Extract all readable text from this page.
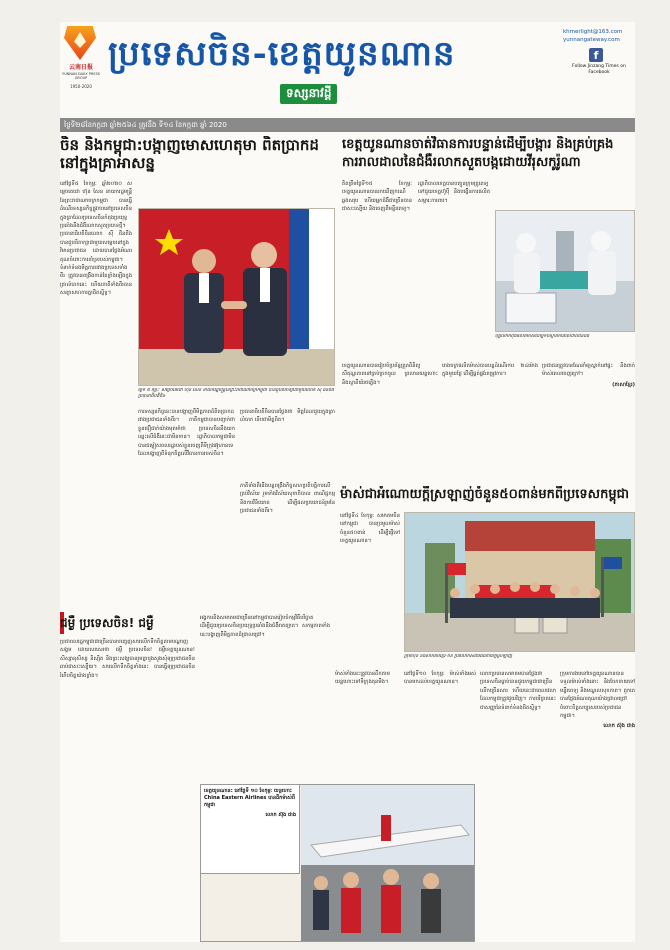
云南日报
YUNNAN DAILY PRESS GROUP
1950-2020
ប្រទេសចិន-ខេត្តយូនណាន
ទស្សនាវដ្ដី
khmerlight@163.com
yunnangateway.com
f
Follow Jinzang Times on Facebook
ថ្ងៃទី២៨ខែកក្កដា ឆ្នាំ២៥៦៤ ត្រូវនឹង ទី១៤ ខែកក្កដា ឆ្នាំ 2020
ចិន និងកម្ពុជា:បង្កាញមោសហេតុមា ពិតប្រាកដនៅក្នុងគ្រាអាសន្ន
ខេត្តយូនណានចាត់វិធានការបន្ទាន់ដើម្បីបង្ការ និងគ្រប់គ្រងការរាលដាលនៃជំងឺរលាកសួតបង្កដោយវីរុសកូរ៉ូណា
នៅថ្ងៃទី៥ ខែកុម្ភៈ ឆ្នាំ២០២០ សម្តេចតេជោ ហ៊ុន សែន នាយករដ្ឋមន្ត្រីនៃព្រះរាជាណាចក្រកម្ពុជា បានធ្វើដំណើរទស្សនកិច្ចផ្លូវការនៅប្រទេសចិន ក្នុងគ្រាដែលប្រទេសចិនកំពុងប្រយុទ្ធប្រឆាំងនឹងជំងឺរលាកសួតប្រភេទថ្មី។ ប្រធានាធិបតីចិនលោក ស៊ី ជីនពីង បានជួបពិភាក្សាជាមួយសម្តេចនៅក្នុងវិមានប្រជាជន ដោយបានថ្លែងអំណរគុណចំពោះការគាំទ្ររបស់កម្ពុជា។ ទំនាក់ទំនងមិត្តភាពរវាងប្រទេសទាំងពីរ ត្រូវបានពង្រឹងកាន់តែខ្លាំងឡើងក្នុងគ្រាលំបាកនេះ ហើយភាគីទាំងពីរបានសន្យាសហការគ្នាជិតស្និទ្ធ។
ថ្ងៃទី ៥ កុម្ភៈ: សម្តេចតេជោ ហ៊ុន សែន នាយករដ្ឋមន្ត្រីនៃព្រះរាជាណាចក្រកម្ពុជា បានជួបពិភាក្សាជាមួយលោក ស៊ី ជីនពីង ប្រធានាធិបតីចិន
ការទស្សនកិច្ចនេះបានបង្ហាញពីមិត្តភាពដ៏ពិតប្រាកដរវាងប្រជាជនទាំងពីរ។ ភាគីកម្ពុជាបានបញ្ជាក់ថា ខ្លួនជឿជាក់យ៉ាងមុតមាំថា ប្រទេសចិននឹងយកឈ្នះលើជំងឺនេះជាមិនខាន។ រដ្ឋាភិបាលកម្ពុជាមិនបានជម្លៀសពលរដ្ឋរបស់ខ្លួនចេញពីទីក្រុងអ៊ូហានទេ ដែលបង្ហាញពីទំនុកចិត្តលើវិធានការរបស់ចិន។
ប្រធានាធិបតីចិនបានថ្លែងថា មិត្តដែលជួយក្នុងគ្រាលំបាក ទើបជាមិត្តពិត។
ភាគីទាំងពីរនឹងបន្តពង្រឹងកិច្ចសហប្រតិបត្តិការលើគ្រប់វិស័យ រួមទាំងវិស័យសុខាភិបាល ពាណិជ្ជកម្ម និងការវិនិយោគ ដើម្បីផលប្រយោជន៍រួមនៃប្រជាជនទាំងពីរ។
គិតត្រឹមថ្ងៃទី១៥ ខែកុម្ភៈ ខេត្តយូនណានបានរកឃើញករណីឆ្លងសរុប ហើយអ្នកជំងឺជាច្រើនបានជាសះស្បើយ និងចេញពីមន្ទីរពេទ្យ។
រដ្ឋាភិបាលខេត្តបានបញ្ជូនក្រុមគ្រូពេទ្យទៅជួយខេត្តហ៊ូប៉ី និងបង្កើនការផលិតសម្ភារៈការពារ។
បុគ្គលិកកំពុងផលិតម៉ាស់ដើម្បីទប់ស្កាត់ការរាលដាលនៃជំងឺ
ខេត្តយូនណានបានរៀបចំប្រព័ន្ធត្រួតពិនិត្យសីតុណ្ហភាពនៅគ្រប់ច្រកចូល ព្រលានយន្តហោះ និងស្ថានីយ៍រថភ្លើង។
រោងចក្រផលិតម៉ាស់បានបន្តដំណើរការ ២៤ម៉ោងក្នុងមួយថ្ងៃ ដើម្បីផ្គត់ផ្គង់តម្រូវការ។
ប្រជាជនត្រូវបានណែនាំឲ្យស្នាក់នៅផ្ទះ និងពាក់ម៉ាស់ពេលចេញក្រៅ។
(ភាសាខ្មែរ)
ម៉ាស់ជាអំណោយក្តីស្រឡាញ់ចំនួន៥០ពាន់មកពីប្រទេសកម្ពុជា
នៅថ្ងៃទី៤ ខែកុម្ភៈ សមាគមចិននៅកម្ពុជា បានប្រមូលម៉ាស់ចំនួន៥០ពាន់ ដើម្បីផ្ញើទៅខេត្តយូនណាន។
ក្រុមហ៊ុន និងសមាគមខ្មែរ-ចិន ប្រគល់ម៉ាស់ជាអំណោយក្តីស្រឡាញ់
ជម្ងឺ ប្រទេសចិន! ជម្ងឺ
ប្រជាពលរដ្ឋកម្ពុជាជាច្រើនបានបញ្ចេញសារលើកទឹកចិត្តតាមបណ្តាញសង្គម ដោយសរសេរថា ជម្ងឺ ប្រទេសចិន! ជម្ងឺខេត្តយូនណាន! សិស្សានុសិស្ស និស្សិត និងព្រះសង្ឃបានរួមគ្នាបួងសួងសុំឲ្យប្រជាជនចិនឆាប់ជាសះស្បើយ។ សារលើកទឹកចិត្តទាំងនេះ បានធ្វើឲ្យប្រជាជនចិនរំភើបចិត្តយ៉ាងខ្លាំង។
អង្គការនិងសមាគមជាច្រើននៅកម្ពុជាបានរៀបចំកម្មវិធីបរិច្ចាគ ដើម្បីជួយប្រទេសចិនប្រយុទ្ធប្រឆាំងនឹងជំងឺរាតត្បាត។ សកម្មភាពទាំងនេះបង្ហាញពីមិត្តភាពដ៏ជ្រាលជ្រៅ។
ម៉ាស់ទាំងនេះត្រូវបានដឹកតាមយន្តហោះទៅទីក្រុងគុនមីង។
នៅថ្ងៃទី១០ ខែកុម្ភៈ ម៉ាស់ទាំងអស់បានមកដល់ខេត្តយូនណាន។
លោកប្រធានសមាគមបានថ្លែងថា ប្រទេសចិនធ្លាប់បានជួយកម្ពុជាជាច្រើនលើកច្រើនសារ ហើយនេះជាពេលវេលាដែលកម្ពុជាត្រូវជួយវិញ។ ការបរិច្ចាគនេះ ជាសញ្ញានៃទំនាក់ទំនងជិតស្និទ្ធ។
ក្រុមការងារនៅខេត្តយូនណានបានទទួលម៉ាស់ទាំងនោះ និងចែកចាយទៅមន្ទីរពេទ្យ និងមណ្ឌលសុខភាព។ ពួកគេបានថ្លែងអំណរគុណយ៉ាងជ្រាលជ្រៅចំពោះចិត្តសប្បុរសរបស់ប្រជាជនកម្ពុជា។
លោក ស៊ុង ជាង
ខេត្តយូនណាន: នៅថ្ងៃទី ១០ ខែកុម្ភៈ យន្តហោះ China Eastern Airlines បានដឹកម៉ាស់ពីកម្ពុជា
លោក ស៊ុង ជាង
